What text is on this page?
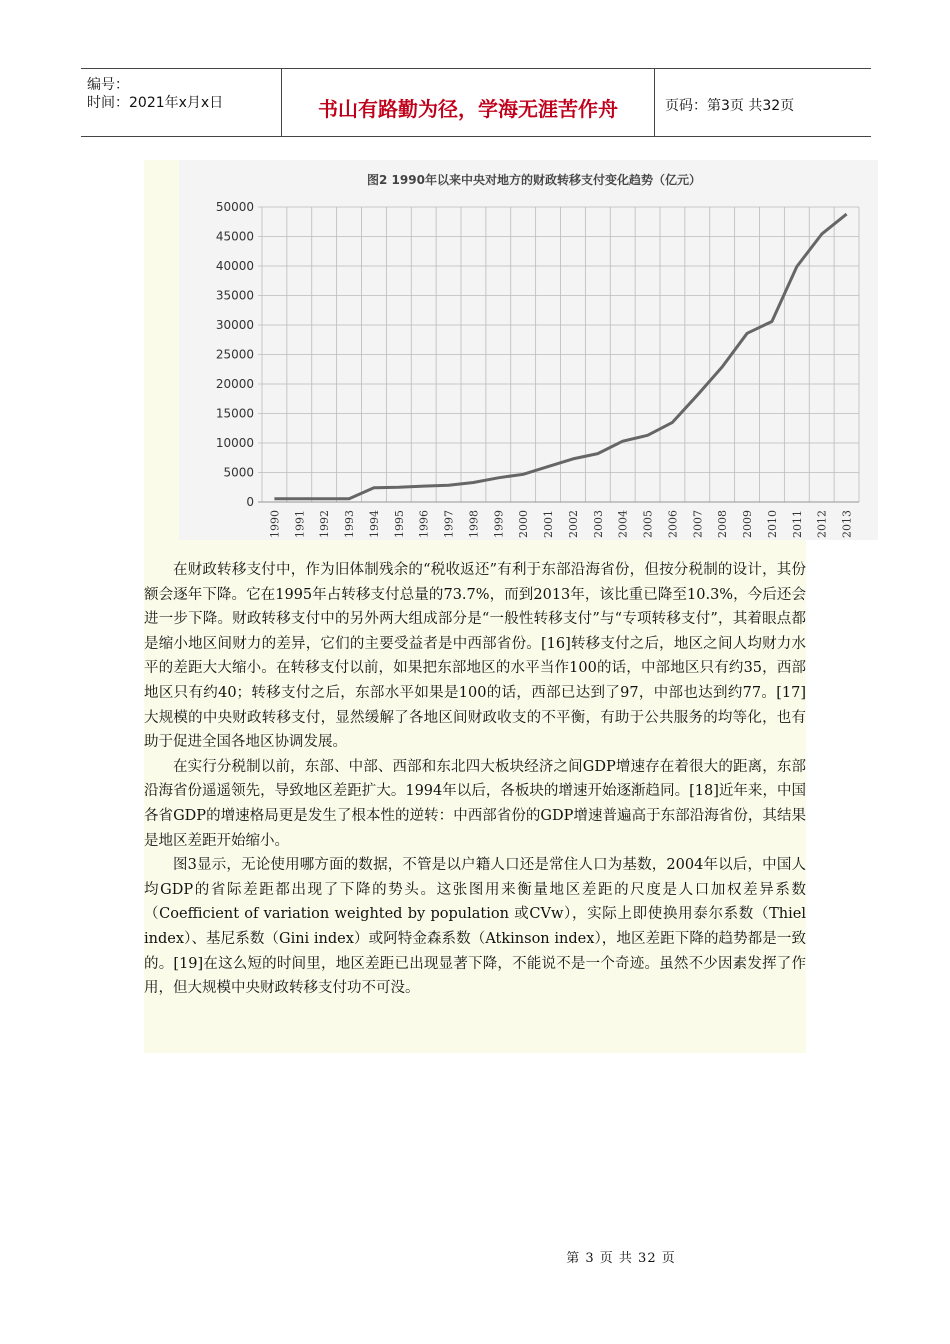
编号：
时间：2021年x月x日	书山有路勤为径，学海无涯苦作舟	页码：第3页 共32页
图2 1990年以来中央对地方的财政转移支付变化趋势（亿元）
0
5000
10000
15000
20000
25000
30000
35000
40000
45000
50000
1990 1991 1992 1993 1994 1995 1996 1997 1998 1999 2000 2001 2002 2003 2004 2005 2006 2007 2008 2009 2010 2011 2012 2013

在财政转移支付中，作为旧体制残余的“税收返还”有利于东部沿海省份，但按分税制的设计，其份额会逐年下降。它在1995年占转移支付总量的73.7%，而到2013年，该比重已降至10.3%，今后还会进一步下降。财政转移支付中的另外两大组成部分是“一般性转移支付”与“专项转移支付”，其着眼点都是缩小地区间财力的差异，它们的主要受益者是中西部省份。[16]转移支付之后，地区之间人均财力水平的差距大大缩小。在转移支付以前，如果把东部地区的水平当作100的话，中部地区只有约35，西部地区只有约40；转移支付之后，东部水平如果是100的话，西部已达到了97，中部也达到约77。[17]大规模的中央财政转移支付，显然缓解了各地区间财政收支的不平衡，有助于公共服务的均等化，也有助于促进全国各地区协调发展。

在实行分税制以前，东部、中部、西部和东北四大板块经济之间GDP增速存在着很大的距离，东部沿海省份遥遥领先，导致地区差距扩大。1994年以后，各板块的增速开始逐渐趋同。[18]近年来，中国各省GDP的增速格局更是发生了根本性的逆转：中西部省份的GDP增速普遍高于东部沿海省份，其结果是地区差距开始缩小。

图3显示，无论使用哪方面的数据，不管是以户籍人口还是常住人口为基数，2004年以后，中国人均GDP的省际差距都出现了下降的势头。这张图用来衡量地区差距的尺度是人口加权差异系数（Coefficient of variation weighted by population 或CVw），实际上即使换用泰尔系数（Thiel index）、基尼系数（Gini index）或阿特金森系数（Atkinson index），地区差距下降的趋势都是一致的。[19]在这么短的时间里，地区差距已出现显著下降，不能说不是一个奇迹。虽然不少因素发挥了作用，但大规模中央财政转移支付功不可没。

第 3 页 共 32 页
